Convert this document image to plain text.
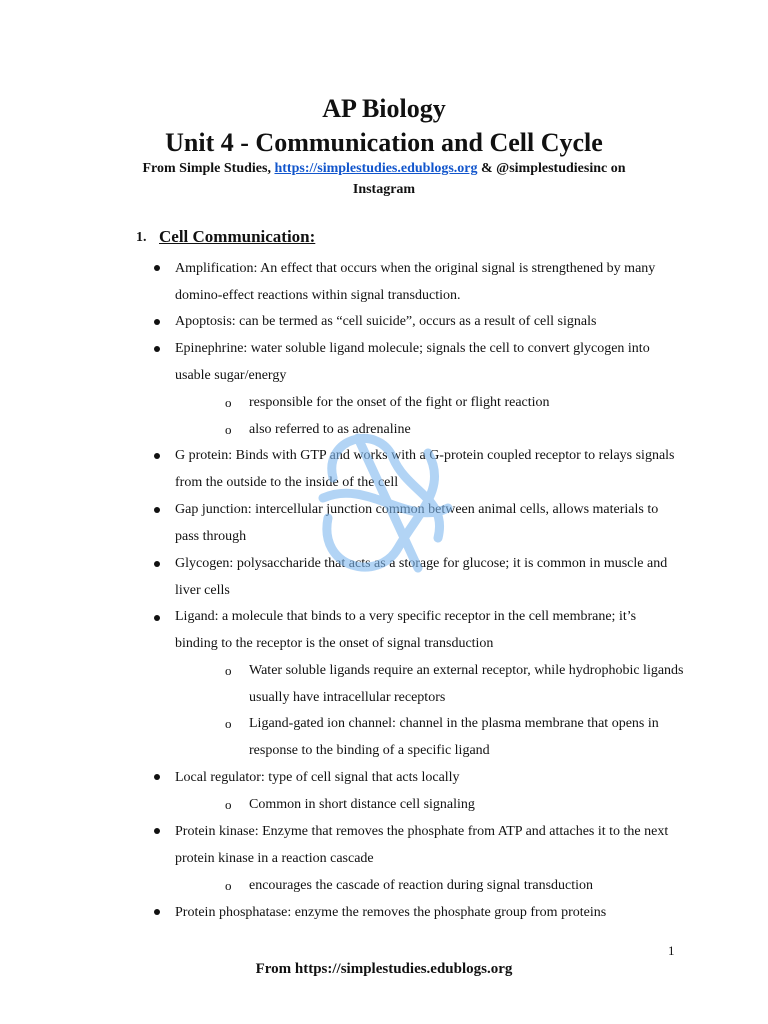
AP Biology
Unit 4 - Communication and Cell Cycle
From Simple Studies, https://simplestudies.edublogs.org & @simplestudiesinc on Instagram
1. Cell Communication:
Amplification: An effect that occurs when the original signal is strengthened by many domino-effect reactions within signal transduction.
Apoptosis: can be termed as “cell suicide”, occurs as a result of cell signals
Epinephrine: water soluble ligand molecule; signals the cell to convert glycogen into usable sugar/energy
o responsible for the onset of the fight or flight reaction
o also referred to as adrenaline
G protein: Binds with GTP and works with a G-protein coupled receptor to relays signals from the outside to the inside of the cell
Gap junction: intercellular junction common between animal cells, allows materials to pass through
Glycogen: polysaccharide that acts as a storage for glucose; it is common in muscle and liver cells
Ligand: a molecule that binds to a very specific receptor in the cell membrane; it’s binding to the receptor is the onset of signal transduction
o Water soluble ligands require an external receptor, while hydrophobic ligands usually have intracellular receptors
o Ligand-gated ion channel: channel in the plasma membrane that opens in response to the binding of a specific ligand
Local regulator: type of cell signal that acts locally
o Common in short distance cell signaling
Protein kinase: Enzyme that removes the phosphate from ATP and attaches it to the next protein kinase in a reaction cascade
o encourages the cascade of reaction during signal transduction
Protein phosphatase: enzyme the removes the phosphate group from proteins
1
From https://simplestudies.edublogs.org
